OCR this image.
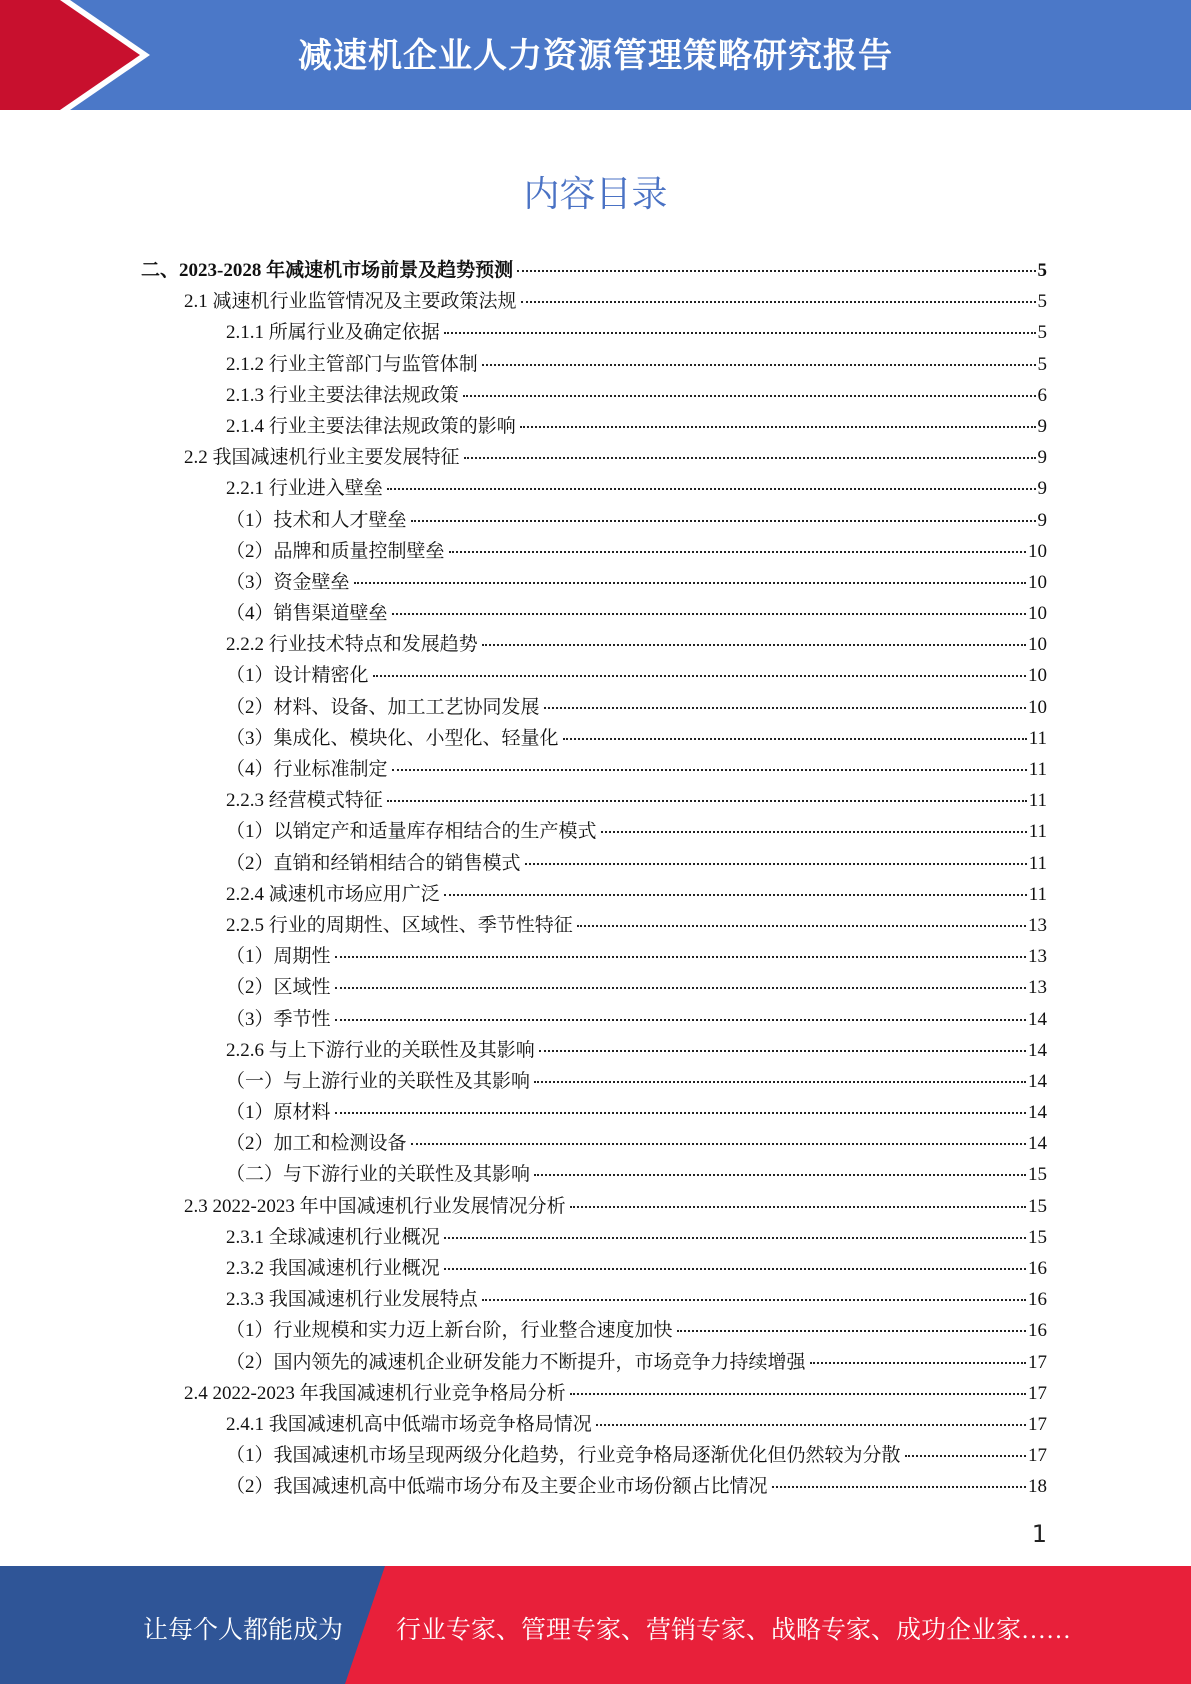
减速机企业人力资源管理策略研究报告
内容目录
二、2023-2028 年减速机市场前景及趋势预测	5
2.1 减速机行业监管情况及主要政策法规	5
2.1.1 所属行业及确定依据	5
2.1.2 行业主管部门与监管体制	5
2.1.3 行业主要法律法规政策	6
2.1.4 行业主要法律法规政策的影响	9
2.2 我国减速机行业主要发展特征	9
2.2.1 行业进入壁垒	9
（1）技术和人才壁垒	9
（2）品牌和质量控制壁垒	10
（3）资金壁垒	10
（4）销售渠道壁垒	10
2.2.2 行业技术特点和发展趋势	10
（1）设计精密化	10
（2）材料、设备、加工工艺协同发展	10
（3）集成化、模块化、小型化、轻量化	11
（4）行业标准制定	11
2.2.3 经营模式特征	11
（1）以销定产和适量库存相结合的生产模式	11
（2）直销和经销相结合的销售模式	11
2.2.4 减速机市场应用广泛	11
2.2.5 行业的周期性、区域性、季节性特征	13
（1）周期性	13
（2）区域性	13
（3）季节性	14
2.2.6 与上下游行业的关联性及其影响	14
（一）与上游行业的关联性及其影响	14
（1）原材料	14
（2）加工和检测设备	14
（二）与下游行业的关联性及其影响	15
2.3 2022-2023 年中国减速机行业发展情况分析	15
2.3.1 全球减速机行业概况	15
2.3.2 我国减速机行业概况	16
2.3.3 我国减速机行业发展特点	16
（1）行业规模和实力迈上新台阶，行业整合速度加快	16
（2）国内领先的减速机企业研发能力不断提升，市场竞争力持续增强	17
2.4 2022-2023 年我国减速机行业竞争格局分析	17
2.4.1 我国减速机高中低端市场竞争格局情况	17
（1）我国减速机市场呈现两级分化趋势，行业竞争格局逐渐优化但仍然较为分散	17
（2）我国减速机高中低端市场分布及主要企业市场份额占比情况	18
1
让每个人都能成为 行业专家、管理专家、营销专家、战略专家、成功企业家……
